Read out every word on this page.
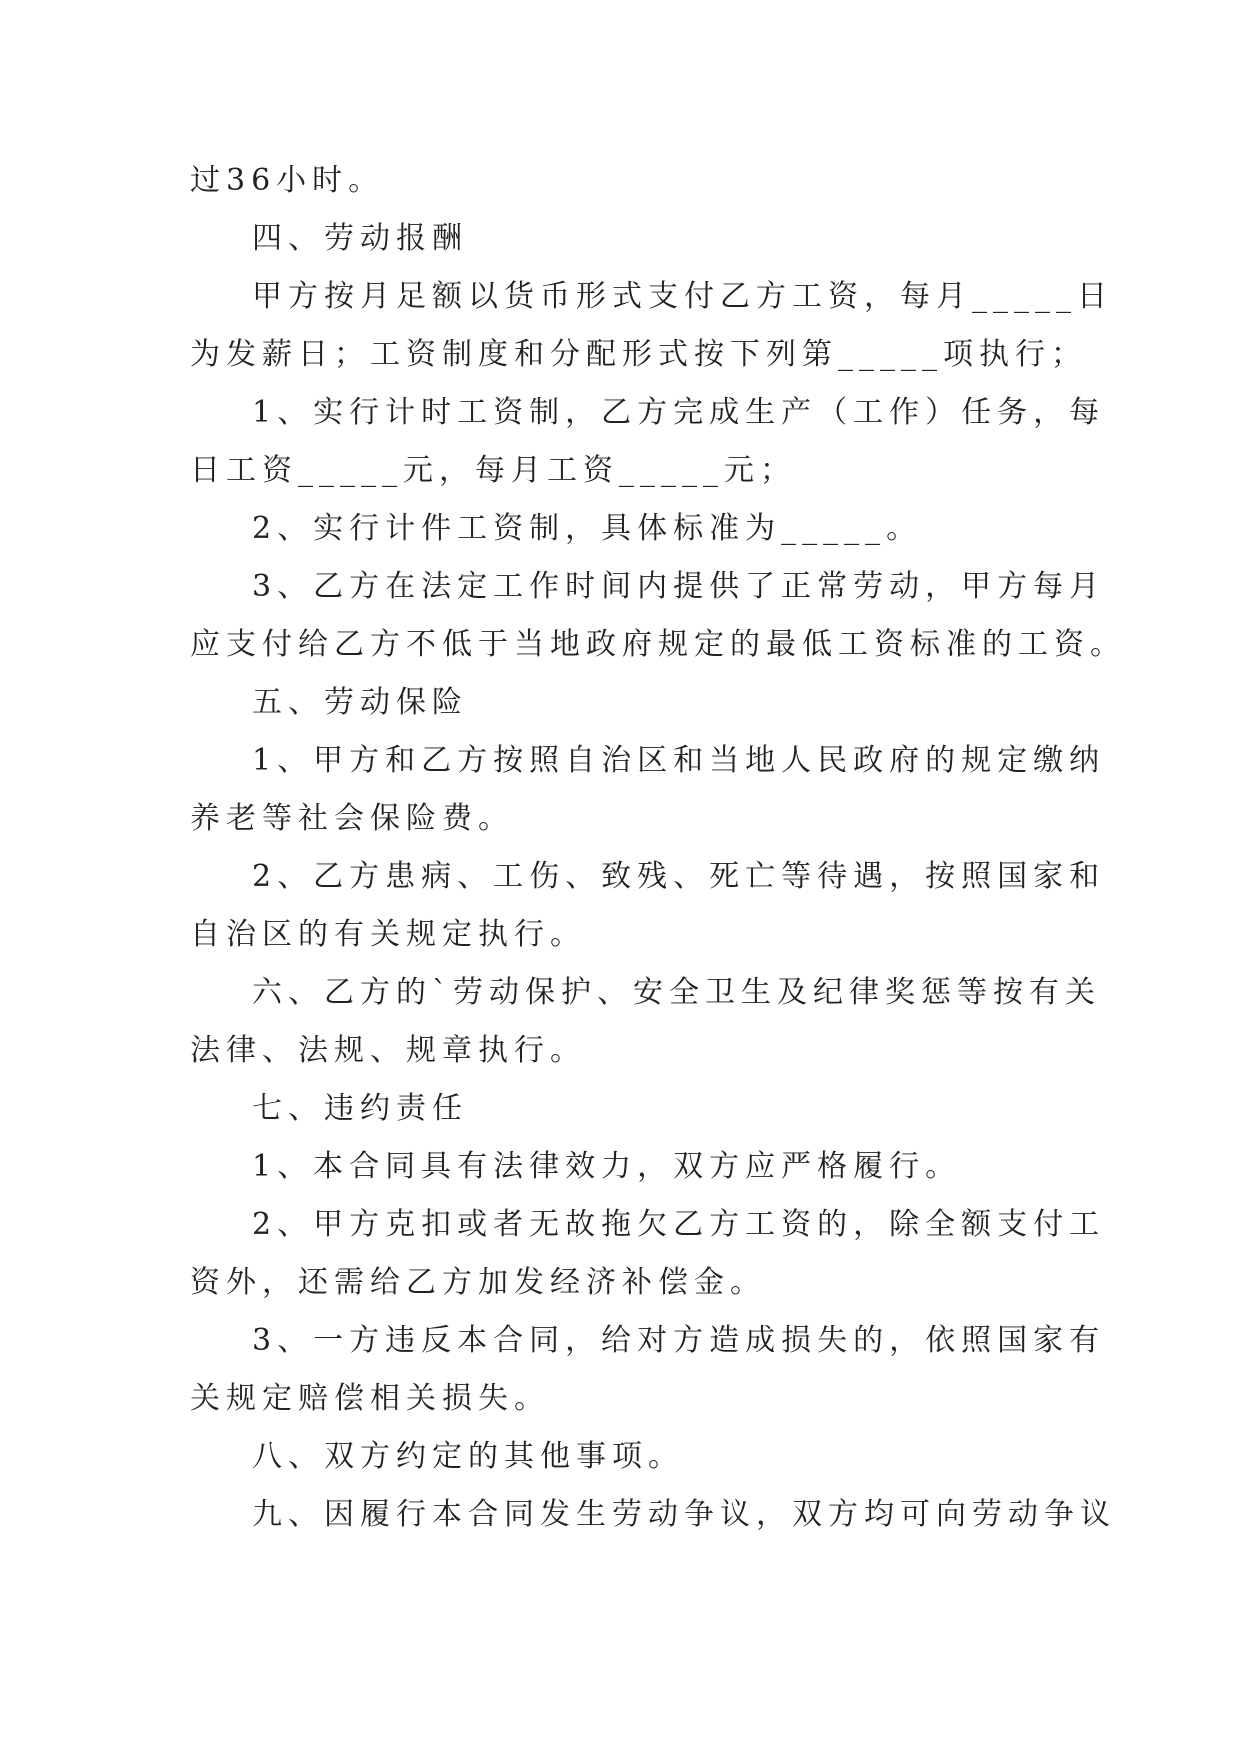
过36小时。

四、劳动报酬

甲方按月足额以货币形式支付乙方工资，每月_____日

为发薪日；工资制度和分配形式按下列第_____项执行；

1、实行计时工资制，乙方完成生产（工作）任务，每

日工资_____元，每月工资_____元；

2、实行计件工资制，具体标准为_____。

3、乙方在法定工作时间内提供了正常劳动，甲方每月

应支付给乙方不低于当地政府规定的最低工资标准的工资。

五、劳动保险

1、甲方和乙方按照自治区和当地人民政府的规定缴纳

养老等社会保险费。

2、乙方患病、工伤、致残、死亡等待遇，按照国家和

自治区的有关规定执行。

六、乙方的`劳动保护、安全卫生及纪律奖惩等按有关

法律、法规、规章执行。

七、违约责任

1、本合同具有法律效力，双方应严格履行。

2、甲方克扣或者无故拖欠乙方工资的，除全额支付工

资外，还需给乙方加发经济补偿金。

3、一方违反本合同，给对方造成损失的，依照国家有

关规定赔偿相关损失。

八、双方约定的其他事项。

九、因履行本合同发生劳动争议，双方均可向劳动争议
